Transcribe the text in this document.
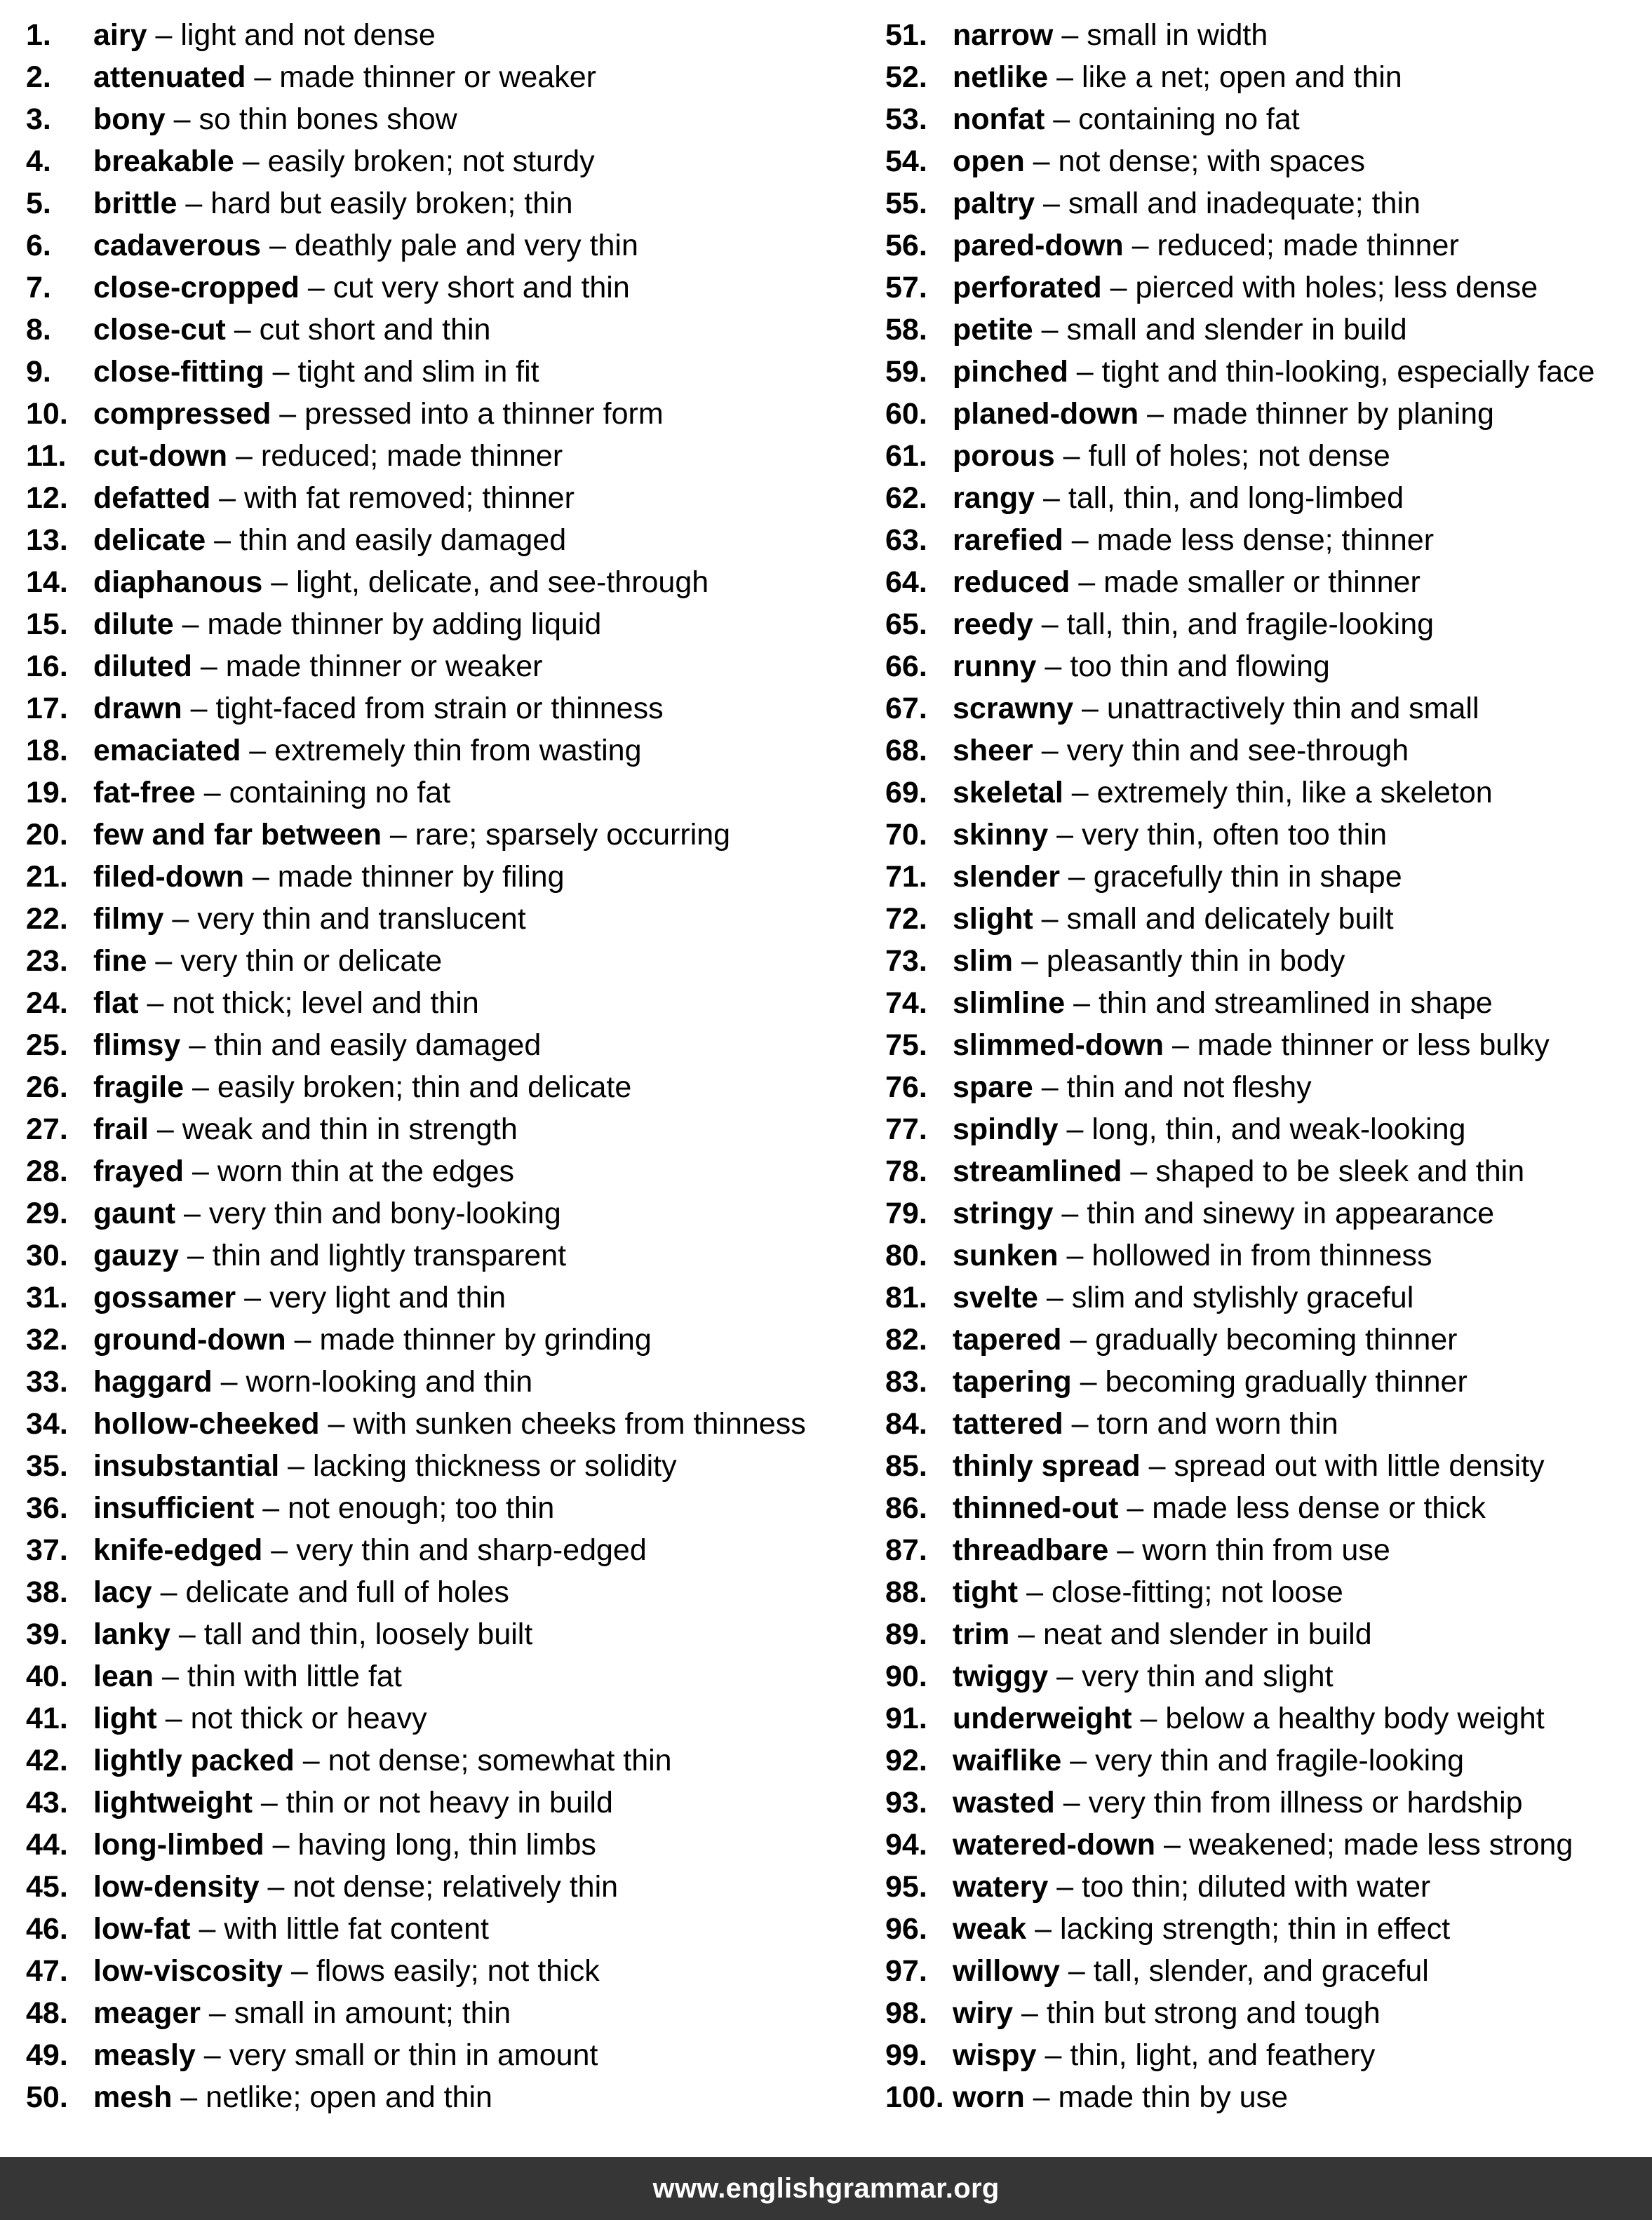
1. airy – light and not dense
2. attenuated – made thinner or weaker
3. bony – so thin bones show
4. breakable – easily broken; not sturdy
5. brittle – hard but easily broken; thin
6. cadaverous – deathly pale and very thin
7. close-cropped – cut very short and thin
8. close-cut – cut short and thin
9. close-fitting – tight and slim in fit
10. compressed – pressed into a thinner form
11. cut-down – reduced; made thinner
12. defatted – with fat removed; thinner
13. delicate – thin and easily damaged
14. diaphanous – light, delicate, and see-through
15. dilute – made thinner by adding liquid
16. diluted – made thinner or weaker
17. drawn – tight-faced from strain or thinness
18. emaciated – extremely thin from wasting
19. fat-free – containing no fat
20. few and far between – rare; sparsely occurring
21. filed-down – made thinner by filing
22. filmy – very thin and translucent
23. fine – very thin or delicate
24. flat – not thick; level and thin
25. flimsy – thin and easily damaged
26. fragile – easily broken; thin and delicate
27. frail – weak and thin in strength
28. frayed – worn thin at the edges
29. gaunt – very thin and bony-looking
30. gauzy – thin and lightly transparent
31. gossamer – very light and thin
32. ground-down – made thinner by grinding
33. haggard – worn-looking and thin
34. hollow-cheeked – with sunken cheeks from thinness
35. insubstantial – lacking thickness or solidity
36. insufficient – not enough; too thin
37. knife-edged – very thin and sharp-edged
38. lacy – delicate and full of holes
39. lanky – tall and thin, loosely built
40. lean – thin with little fat
41. light – not thick or heavy
42. lightly packed – not dense; somewhat thin
43. lightweight – thin or not heavy in build
44. long-limbed – having long, thin limbs
45. low-density – not dense; relatively thin
46. low-fat – with little fat content
47. low-viscosity – flows easily; not thick
48. meager – small in amount; thin
49. measly – very small or thin in amount
50. mesh – netlike; open and thin
51. narrow – small in width
52. netlike – like a net; open and thin
53. nonfat – containing no fat
54. open – not dense; with spaces
55. paltry – small and inadequate; thin
56. pared-down – reduced; made thinner
57. perforated – pierced with holes; less dense
58. petite – small and slender in build
59. pinched – tight and thin-looking, especially face
60. planed-down – made thinner by planing
61. porous – full of holes; not dense
62. rangy – tall, thin, and long-limbed
63. rarefied – made less dense; thinner
64. reduced – made smaller or thinner
65. reedy – tall, thin, and fragile-looking
66. runny – too thin and flowing
67. scrawny – unattractively thin and small
68. sheer – very thin and see-through
69. skeletal – extremely thin, like a skeleton
70. skinny – very thin, often too thin
71. slender – gracefully thin in shape
72. slight – small and delicately built
73. slim – pleasantly thin in body
74. slimline – thin and streamlined in shape
75. slimmed-down – made thinner or less bulky
76. spare – thin and not fleshy
77. spindly – long, thin, and weak-looking
78. streamlined – shaped to be sleek and thin
79. stringy – thin and sinewy in appearance
80. sunken – hollowed in from thinness
81. svelte – slim and stylishly graceful
82. tapered – gradually becoming thinner
83. tapering – becoming gradually thinner
84. tattered – torn and worn thin
85. thinly spread – spread out with little density
86. thinned-out – made less dense or thick
87. threadbare – worn thin from use
88. tight – close-fitting; not loose
89. trim – neat and slender in build
90. twiggy – very thin and slight
91. underweight – below a healthy body weight
92. waiflike – very thin and fragile-looking
93. wasted – very thin from illness or hardship
94. watered-down – weakened; made less strong
95. watery – too thin; diluted with water
96. weak – lacking strength; thin in effect
97. willowy – tall, slender, and graceful
98. wiry – thin but strong and tough
99. wispy – thin, light, and feathery
100. worn – made thin by use
www.englishgrammar.org
